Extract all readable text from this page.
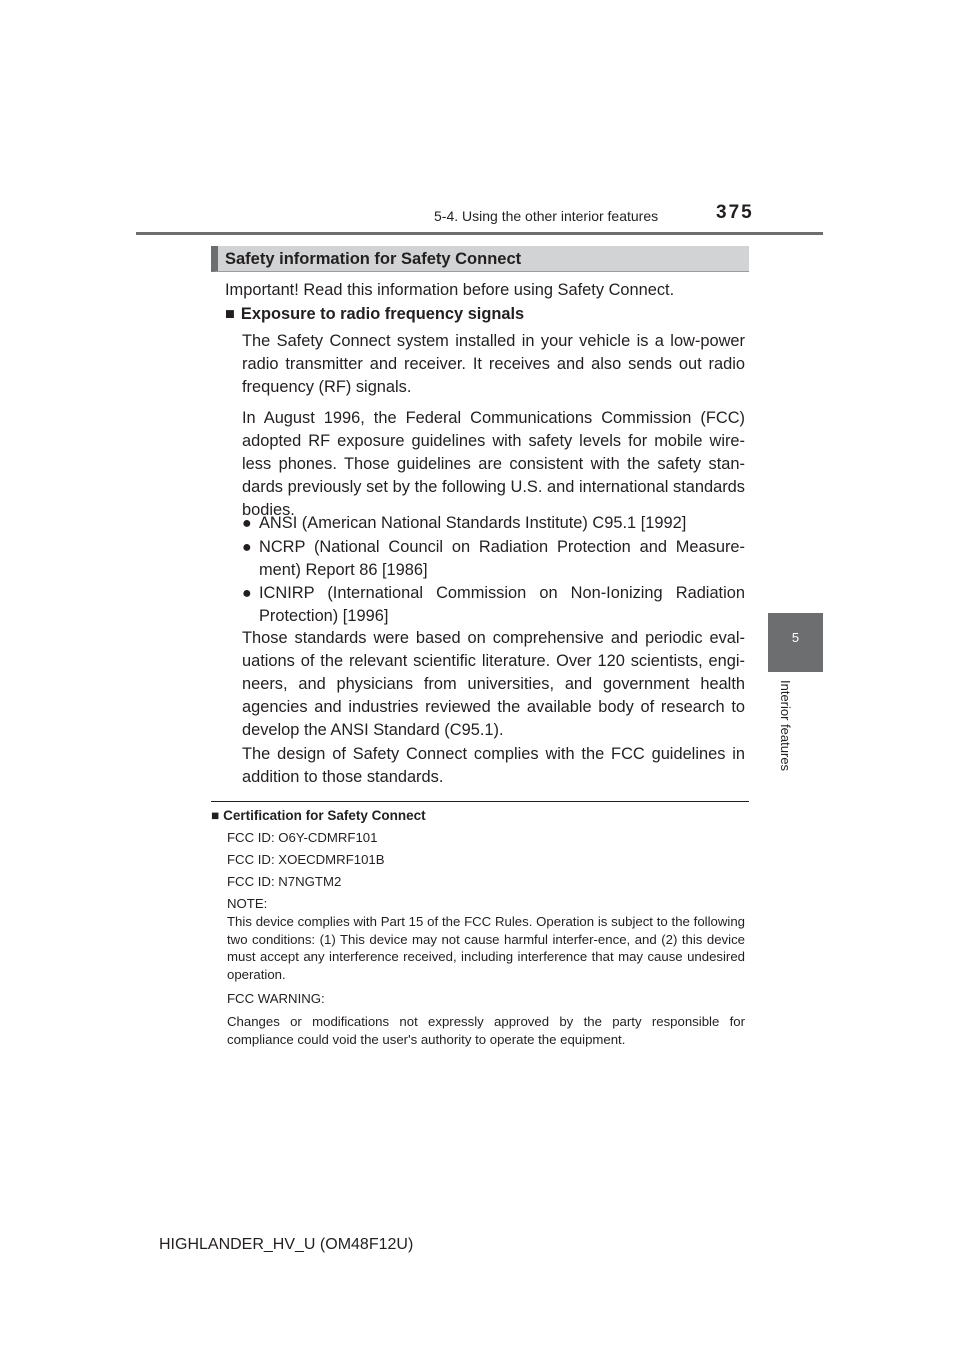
5-4. Using the other interior features	375
5
Interior features
Safety information for Safety Connect
Important! Read this information before using Safety Connect.
■ Exposure to radio frequency signals
The Safety Connect system installed in your vehicle is a low-power radio transmitter and receiver. It receives and also sends out radio frequency (RF) signals.
In August 1996, the Federal Communications Commission (FCC) adopted RF exposure guidelines with safety levels for mobile wire-less phones. Those guidelines are consistent with the safety stan-dards previously set by the following U.S. and international standards bodies.
● ANSI (American National Standards Institute) C95.1 [1992]
● NCRP (National Council on Radiation Protection and Measure-ment) Report 86 [1986]
● ICNIRP (International Commission on Non-Ionizing Radiation Protection) [1996]
Those standards were based on comprehensive and periodic eval-uations of the relevant scientific literature. Over 120 scientists, engi-neers, and physicians from universities, and government health agencies and industries reviewed the available body of research to develop the ANSI Standard (C95.1).
The design of Safety Connect complies with the FCC guidelines in addition to those standards.
■ Certification for Safety Connect
FCC ID: O6Y-CDMRF101
FCC ID: XOECDMRF101B
FCC ID: N7NGTM2
NOTE:
This device complies with Part 15 of the FCC Rules. Operation is subject to the following two conditions: (1) This device may not cause harmful interfer-ence, and (2) this device must accept any interference received, including interference that may cause undesired operation.
FCC WARNING:
Changes or modifications not expressly approved by the party responsible for compliance could void the user's authority to operate the equipment.
HIGHLANDER_HV_U (OM48F12U)
